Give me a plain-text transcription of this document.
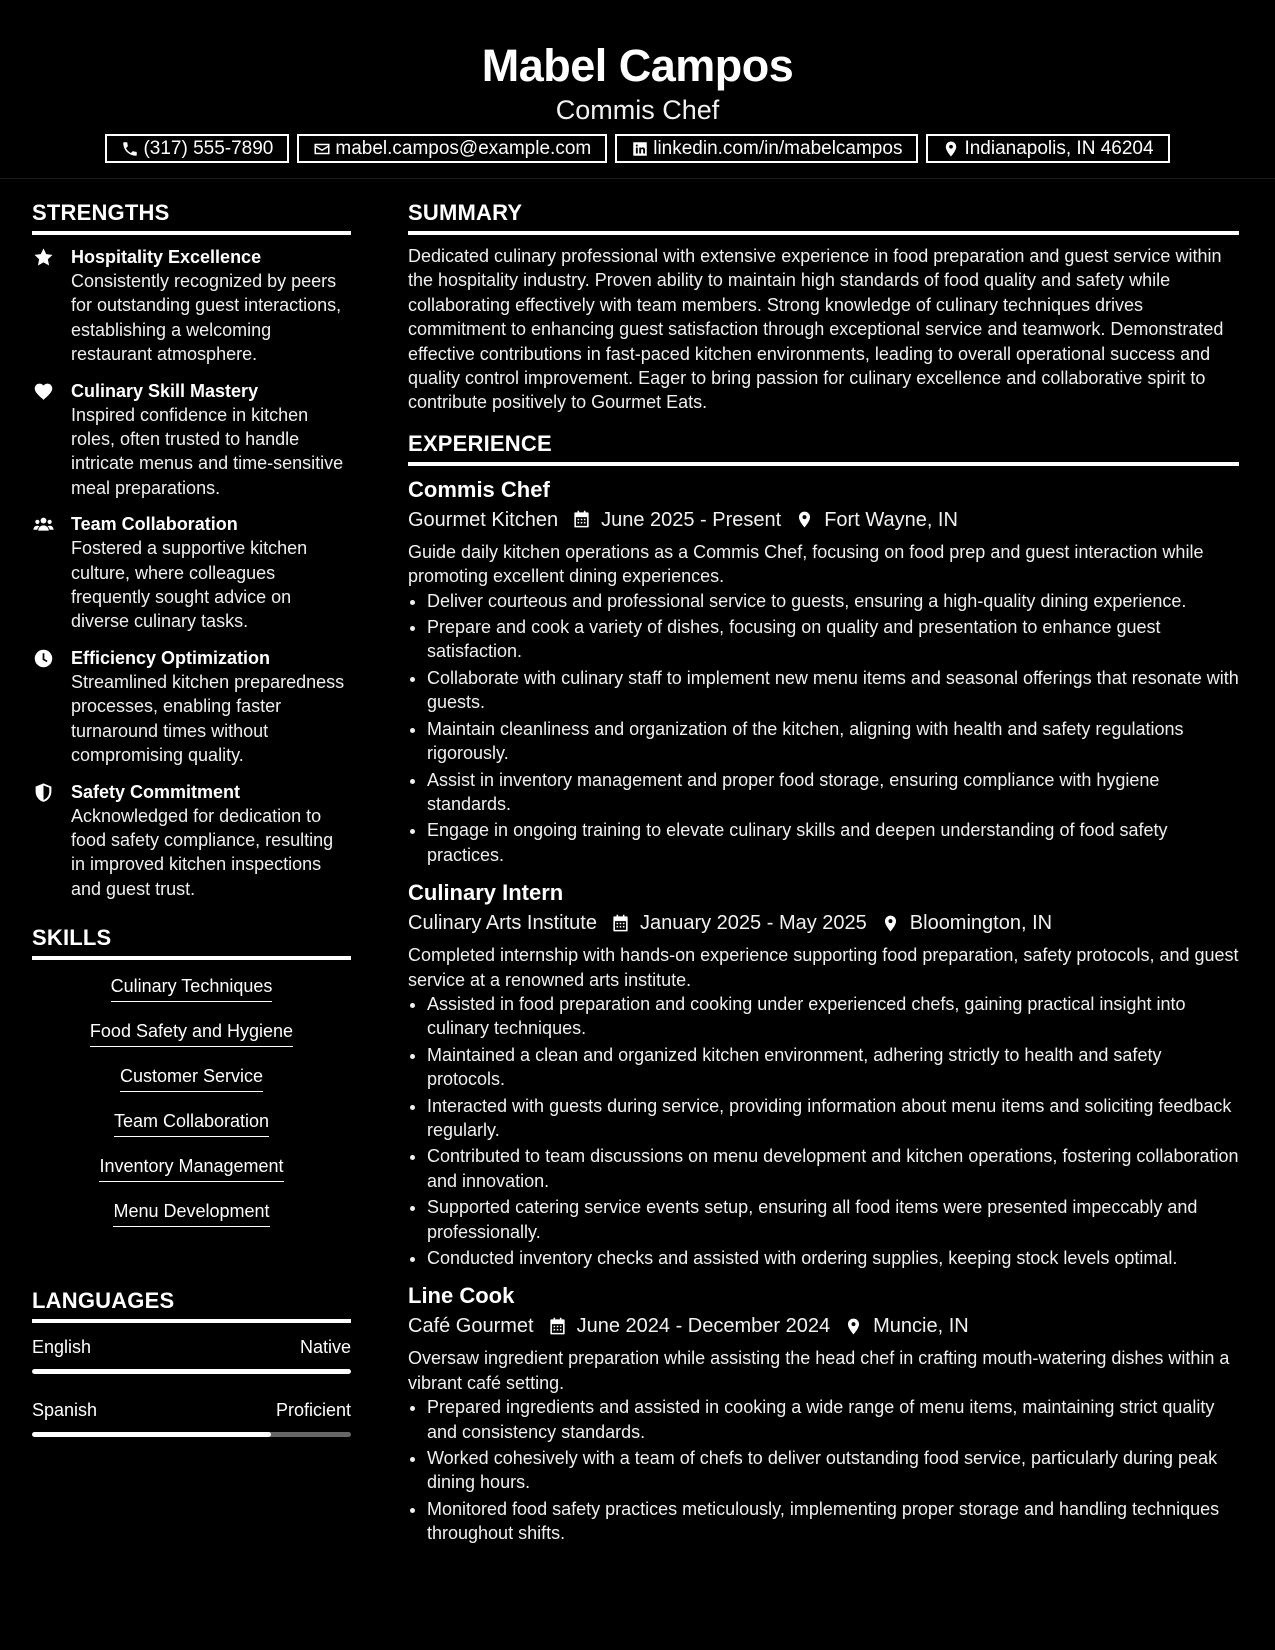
Mabel Campos
Commis Chef
(317) 555-7890	mabel.campos@example.com	linkedin.com/in/mabelcampos	Indianapolis, IN 46204
STRENGTHS
Hospitality Excellence
Consistently recognized by peers for outstanding guest interactions, establishing a welcoming restaurant atmosphere.
Culinary Skill Mastery
Inspired confidence in kitchen roles, often trusted to handle intricate menus and time-sensitive meal preparations.
Team Collaboration
Fostered a supportive kitchen culture, where colleagues frequently sought advice on diverse culinary tasks.
Efficiency Optimization
Streamlined kitchen preparedness processes, enabling faster turnaround times without compromising quality.
Safety Commitment
Acknowledged for dedication to food safety compliance, resulting in improved kitchen inspections and guest trust.
SKILLS
Culinary Techniques
Food Safety and Hygiene
Customer Service
Team Collaboration
Inventory Management
Menu Development
LANGUAGES
English	Native
Spanish	Proficient
SUMMARY
Dedicated culinary professional with extensive experience in food preparation and guest service within the hospitality industry. Proven ability to maintain high standards of food quality and safety while collaborating effectively with team members. Strong knowledge of culinary techniques drives commitment to enhancing guest satisfaction through exceptional service and teamwork. Demonstrated effective contributions in fast-paced kitchen environments, leading to overall operational success and quality control improvement. Eager to bring passion for culinary excellence and collaborative spirit to contribute positively to Gourmet Eats.
EXPERIENCE
Commis Chef
Gourmet Kitchen June 2025 - Present Fort Wayne, IN
Guide daily kitchen operations as a Commis Chef, focusing on food prep and guest interaction while promoting excellent dining experiences.
• Deliver courteous and professional service to guests, ensuring a high-quality dining experience.
• Prepare and cook a variety of dishes, focusing on quality and presentation to enhance guest satisfaction.
• Collaborate with culinary staff to implement new menu items and seasonal offerings that resonate with guests.
• Maintain cleanliness and organization of the kitchen, aligning with health and safety regulations rigorously.
• Assist in inventory management and proper food storage, ensuring compliance with hygiene standards.
• Engage in ongoing training to elevate culinary skills and deepen understanding of food safety practices.
Culinary Intern
Culinary Arts Institute January 2025 - May 2025 Bloomington, IN
Completed internship with hands-on experience supporting food preparation, safety protocols, and guest service at a renowned arts institute.
• Assisted in food preparation and cooking under experienced chefs, gaining practical insight into culinary techniques.
• Maintained a clean and organized kitchen environment, adhering strictly to health and safety protocols.
• Interacted with guests during service, providing information about menu items and soliciting feedback regularly.
• Contributed to team discussions on menu development and kitchen operations, fostering collaboration and innovation.
• Supported catering service events setup, ensuring all food items were presented impeccably and professionally.
• Conducted inventory checks and assisted with ordering supplies, keeping stock levels optimal.
Line Cook
Café Gourmet June 2024 - December 2024 Muncie, IN
Oversaw ingredient preparation while assisting the head chef in crafting mouth-watering dishes within a vibrant café setting.
• Prepared ingredients and assisted in cooking a wide range of menu items, maintaining strict quality and consistency standards.
• Worked cohesively with a team of chefs to deliver outstanding food service, particularly during peak dining hours.
• Monitored food safety practices meticulously, implementing proper storage and handling techniques throughout shifts.
